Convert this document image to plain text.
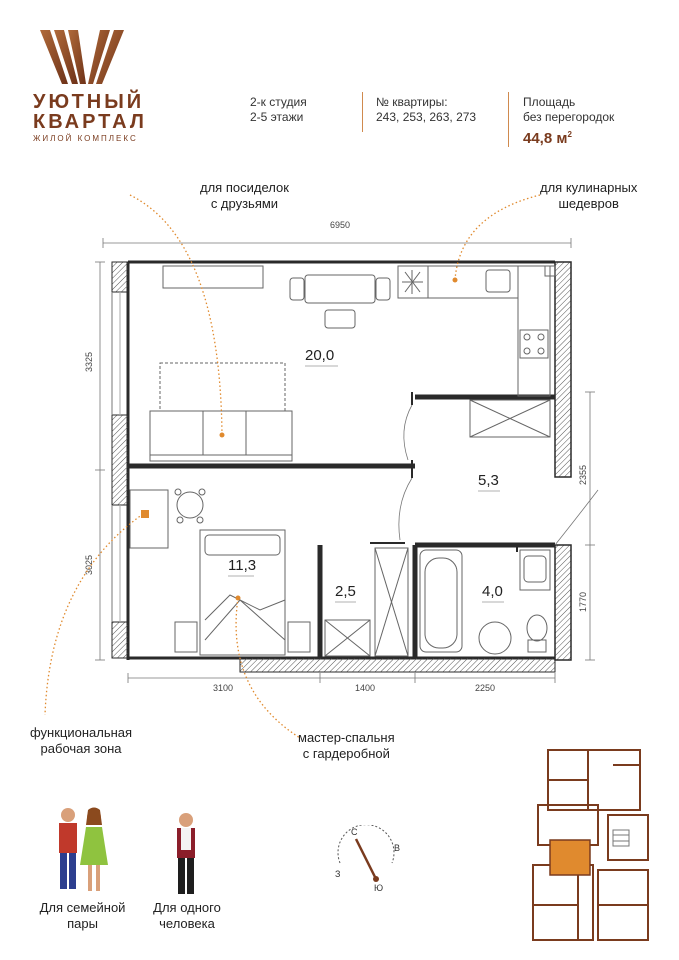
УЮТНЫЙ
КВАРТАЛ
ЖИЛОЙ КОМПЛЕКС
2-к студия
2-5 этажи
№ квартиры:
243, 253, 263, 273
Площадь
без перегородок
44,8 $м^2$
для посиделок
с друзьями
для кулинарных
шедевров
функциональная
рабочая зона
мастер-спальня
с гардеробной
6950
3325
3025
2355
1770
3100	1400	2250
20,0
5,3
11,3
2,5	4,0
Для семейной
пары
Для одного
человека
С
В
Ю
З
